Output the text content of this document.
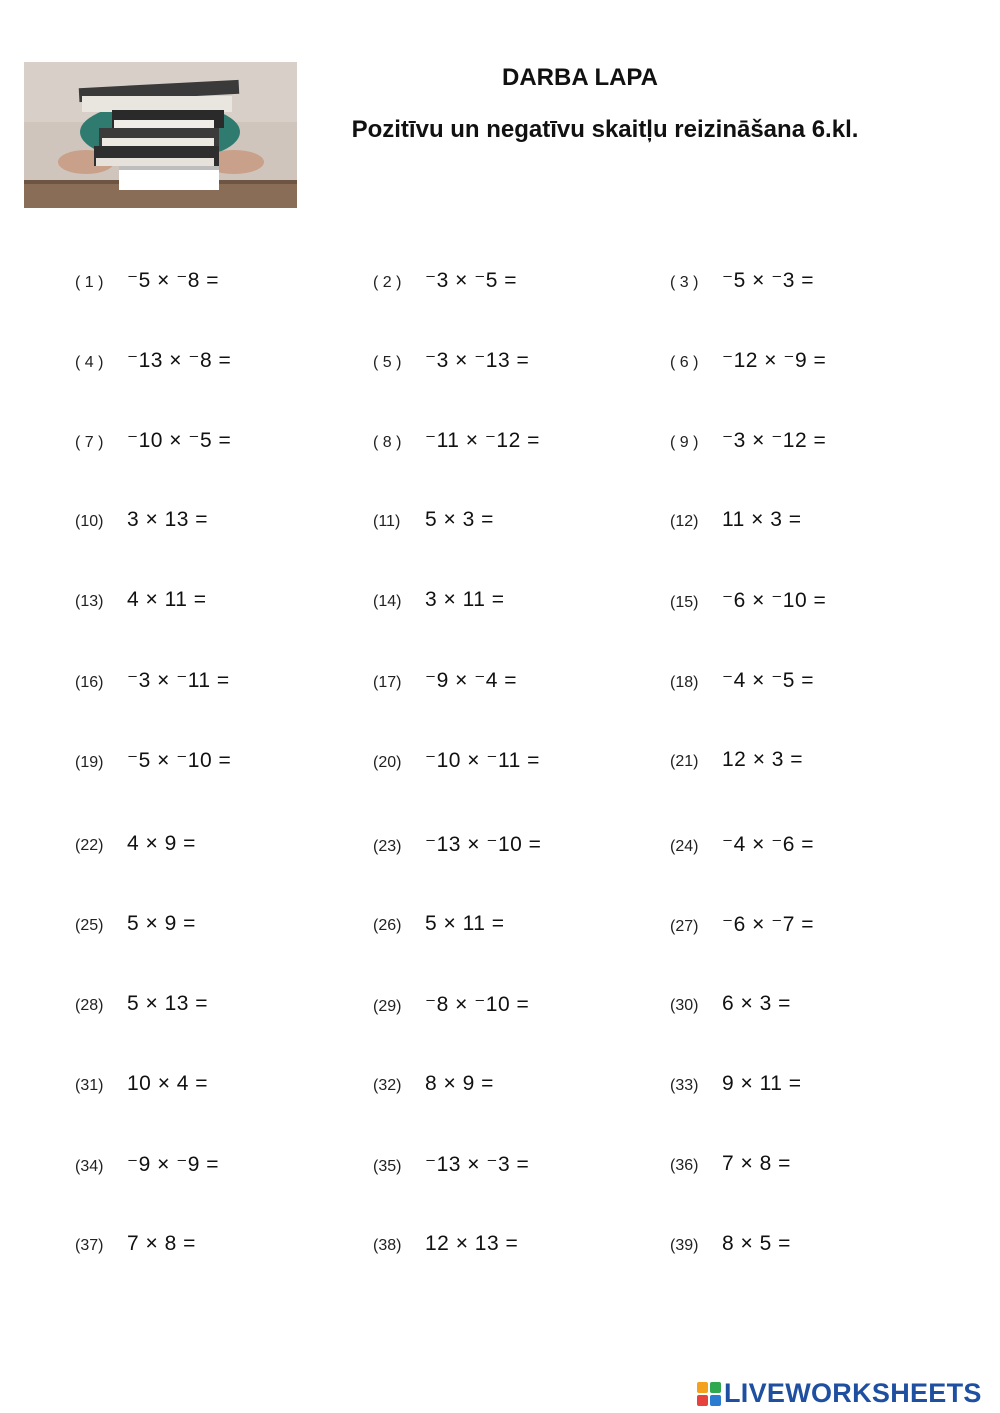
DARBA LAPA
Pozitīvu un negatīvu skaitļu reizināšana 6.kl.
( 1 )	⁻5 × ⁻8 =	( 2 )	⁻3 × ⁻5 =	( 3 )	⁻5 × ⁻3 =
( 4 )	⁻13 × ⁻8 =	( 5 )	⁻3 × ⁻13 =	( 6 )	⁻12 × ⁻9 =
( 7 )	⁻10 × ⁻5 =	( 8 )	⁻11 × ⁻12 =	( 9 )	⁻3 × ⁻12 =
(10)	3 × 13 =	(11)	5 × 3 =	(12)	11 × 3 =
(13)	4 × 11 =	(14)	3 × 11 =	(15)	⁻6 × ⁻10 =
(16)	⁻3 × ⁻11 =	(17)	⁻9 × ⁻4 =	(18)	⁻4 × ⁻5 =
(19)	⁻5 × ⁻10 =	(20)	⁻10 × ⁻11 =	(21)	12 × 3 =
(22)	4 × 9 =	(23)	⁻13 × ⁻10 =	(24)	⁻4 × ⁻6 =
(25)	5 × 9 =	(26)	5 × 11 =	(27)	⁻6 × ⁻7 =
(28)	5 × 13 =	(29)	⁻8 × ⁻10 =	(30)	6 × 3 =
(31)	10 × 4 =	(32)	8 × 9 =	(33)	9 × 11 =
(34)	⁻9 × ⁻9 =	(35)	⁻13 × ⁻3 =	(36)	7 × 8 =
(37)	7 × 8 =	(38)	12 × 13 =	(39)	8 × 5 =
LIVEWORKSHEETS
